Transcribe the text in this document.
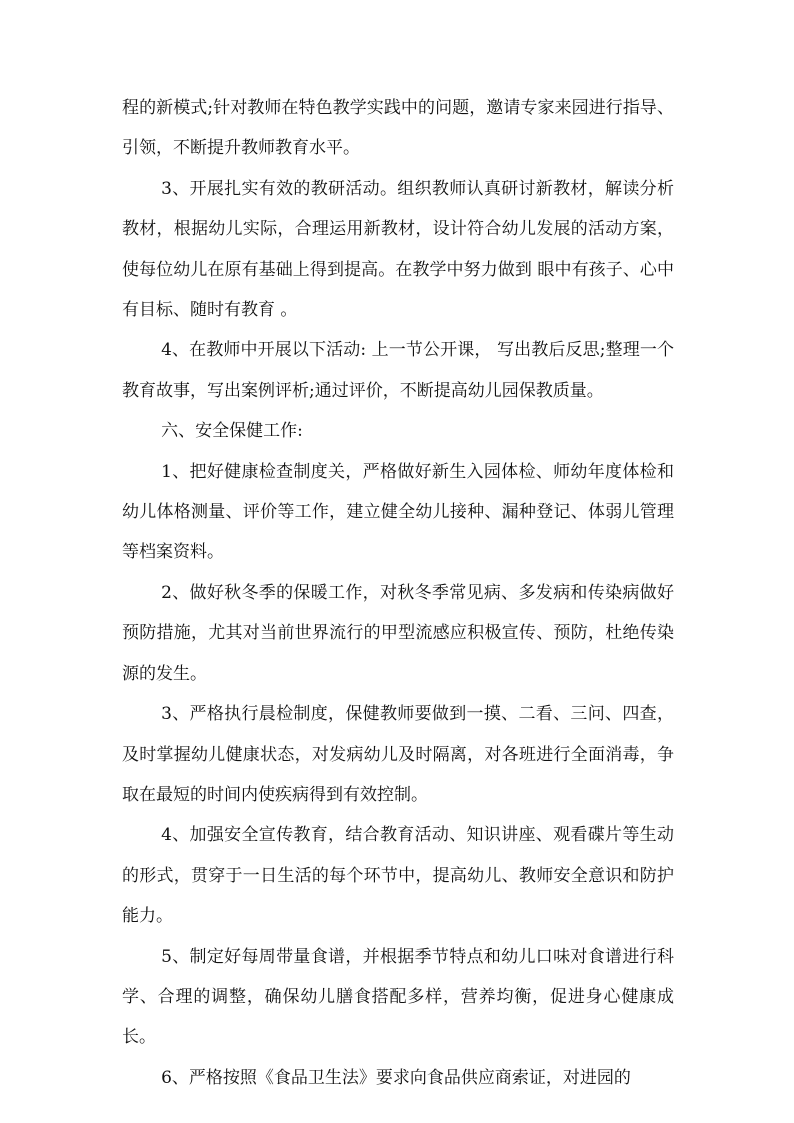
程的新模式;针对教师在特色教学实践中的问题，邀请专家来园进行指导、引领，不断提升教师教育水平。

3、开展扎实有效的教研活动。组织教师认真研讨新教材，解读分析教材，根据幼儿实际，合理运用新教材，设计符合幼儿发展的活动方案，使每位幼儿在原有基础上得到提高。在教学中努力做到 眼中有孩子、心中有目标、随时有教育 。

4、在教师中开展以下活动: 上一节公开课， 写出教后反思;整理一个教育故事，写出案例评析;通过评价，不断提高幼儿园保教质量。

六、安全保健工作:

1、把好健康检查制度关，严格做好新生入园体检、师幼年度体检和幼儿体格测量、评价等工作，建立健全幼儿接种、漏种登记、体弱儿管理等档案资料。

2、做好秋冬季的保暖工作，对秋冬季常见病、多发病和传染病做好预防措施，尤其对当前世界流行的甲型流感应积极宣传、预防，杜绝传染源的发生。

3、严格执行晨检制度，保健教师要做到一摸、二看、三问、四查，及时掌握幼儿健康状态，对发病幼儿及时隔离，对各班进行全面消毒，争取在最短的时间内使疾病得到有效控制。

4、加强安全宣传教育，结合教育活动、知识讲座、观看碟片等生动的形式，贯穿于一日生活的每个环节中，提高幼儿、教师安全意识和防护能力。

5、制定好每周带量食谱，并根据季节特点和幼儿口味对食谱进行科学、合理的调整，确保幼儿膳食搭配多样，营养均衡，促进身心健康成长。

6、严格按照《食品卫生法》要求向食品供应商索证，对进园的
